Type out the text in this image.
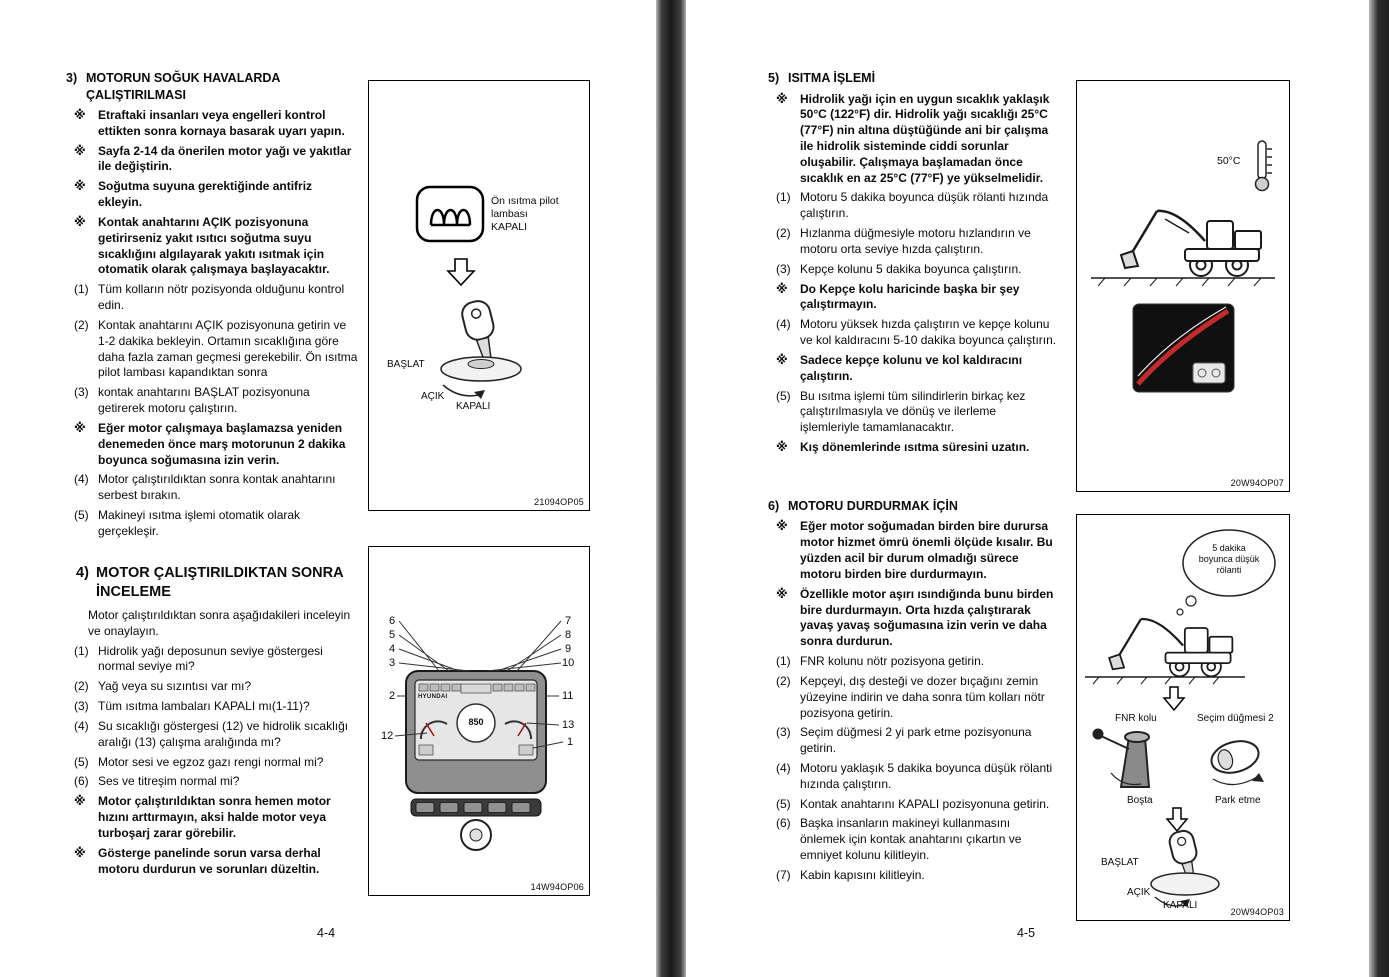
3) MOTORUN SOĞUK HAVALARDA ÇALIŞTIRILMASI
※	Etraftaki insanları veya engelleri kontrol ettikten sonra kornaya basarak uyarı yapın.
※	Sayfa 2-14 da önerilen motor yağı ve yakıtlar ile değiştirin.
※	Soğutma suyuna gerektiğinde antifriz ekleyin.
※	Kontak anahtarını AÇIK pozisyonuna getirirseniz yakıt ısıtıcı soğutma suyu sıcaklığını algılayarak yakıtı ısıtmak için otomatik olarak çalışmaya başlayacaktır.
(1) Tüm kolların nötr pozisyonda olduğunu kontrol edin.
(2) Kontak anahtarını AÇIK pozisyonuna getirin ve 1-2 dakika bekleyin. Ortamın sıcaklığına göre daha fazla zaman geçmesi gerekebilir. Ön ısıtma pilot lambası kapandıktan sonra
(3) kontak anahtarını BAŞLAT pozisyonuna getirerek motoru çalıştırın.
※	Eğer motor çalışmaya başlamazsa yeniden denemeden önce marş motorunun 2 dakika boyunca soğumasına izin verin.
(4) Motor çalıştırıldıktan sonra kontak anahtarını serbest bırakın.
(5) Makineyi ısıtma işlemi otomatik olarak gerçekleşir.
4) MOTOR ÇALIŞTIRILDIKTAN SONRA İNCELEME
Motor çalıştırıldıktan sonra aşağıdakileri inceleyin ve onaylayın.
(1) Hidrolik yağı deposunun seviye göstergesi normal seviye mi?
(2) Yağ veya su sızıntısı var mı?
(3) Tüm ısıtma lambaları KAPALI mı(1-11)?
(4) Su sıcaklığı göstergesi (12) ve hidrolik sıcaklığı aralığı (13) çalışma aralığında mı?
(5) Motor sesi ve egzoz gazı rengi normal mi?
(6) Ses ve titreşim normal mi?
※	Motor çalıştırıldıktan sonra hemen motor hızını arttırmayın, aksi halde motor veya turboşarj zarar görebilir.
※	Gösterge panelinde sorun varsa derhal motoru durdurun ve sorunları düzeltin.
Ön ısıtma pilot
lambası
KAPALI
BAŞLAT
AÇIK
KAPALI
21094OP05
6
5
4
3
2
12
7
8
9
10
11
13
1
850
HYUNDAI
14W94OP06
5) ISITMA İŞLEMİ
※	Hidrolik yağı için en uygun sıcaklık yaklaşık 50°C (122°F) dir. Hidrolik yağı sıcaklığı 25°C (77°F) nin altına düştüğünde ani bir çalışma ile hidrolik sisteminde ciddi sorunlar oluşabilir. Çalışmaya başlamadan önce sıcaklık en az 25°C (77°F) ye yükselmelidir.
(1) Motoru 5 dakika boyunca düşük rölanti hızında çalıştırın.
(2) Hızlanma düğmesiyle motoru hızlandırın ve motoru orta seviye hızda çalıştırın.
(3) Kepçe kolunu 5 dakika boyunca çalıştırın.
※	Do Kepçe kolu haricinde başka bir şey çalıştırmayın.
(4) Motoru yüksek hızda çalıştırın ve kepçe kolunu ve kol kaldıracını 5-10 dakika boyunca çalıştırın.
※	Sadece kepçe kolunu ve kol kaldıracını çalıştırın.
(5) Bu ısıtma işlemi tüm silindirlerin birkaç kez çalıştırılmasıyla ve dönüş ve ilerleme işlemleriyle tamamlanacaktır.
※	Kış dönemlerinde ısıtma süresini uzatın.
6) MOTORU DURDURMAK İÇİN
※	Eğer motor soğumadan birden bire durursa motor hizmet ömrü önemli ölçüde kısalır. Bu yüzden acil bir durum olmadığı sürece motoru birden bire durdurmayın.
※	Özellikle motor aşırı ısındığında bunu birden bire durdurmayın. Orta hızda çalıştırarak yavaş yavaş soğumasına izin verin ve daha sonra durdurun.
(1) FNR kolunu nötr pozisyona getirin.
(2) Kepçeyi, dış desteği ve dozer bıçağını zemin yüzeyine indirin ve daha sonra tüm kolları nötr pozisyona getirin.
(3) Seçim düğmesi 2 yi park etme pozisyonuna getirin.
(4) Motoru yaklaşık 5 dakika boyunca düşük rölanti hızında çalıştırın.
(5) Kontak anahtarını KAPALI pozisyonuna getirin.
(6) Başka insanların makineyi kullanmasını önlemek için kontak anahtarını çıkartın ve emniyet kolunu kilitleyin.
(7) Kabin kapısını kilitleyin.
50°C
20W94OP07
5 dakika
boyunca düşük
rölanti
FNR kolu	Seçim düğmesi 2
Boşta	Park etme
BAŞLAT
AÇIK
KAPALI
20W94OP03
4-4	4-5
